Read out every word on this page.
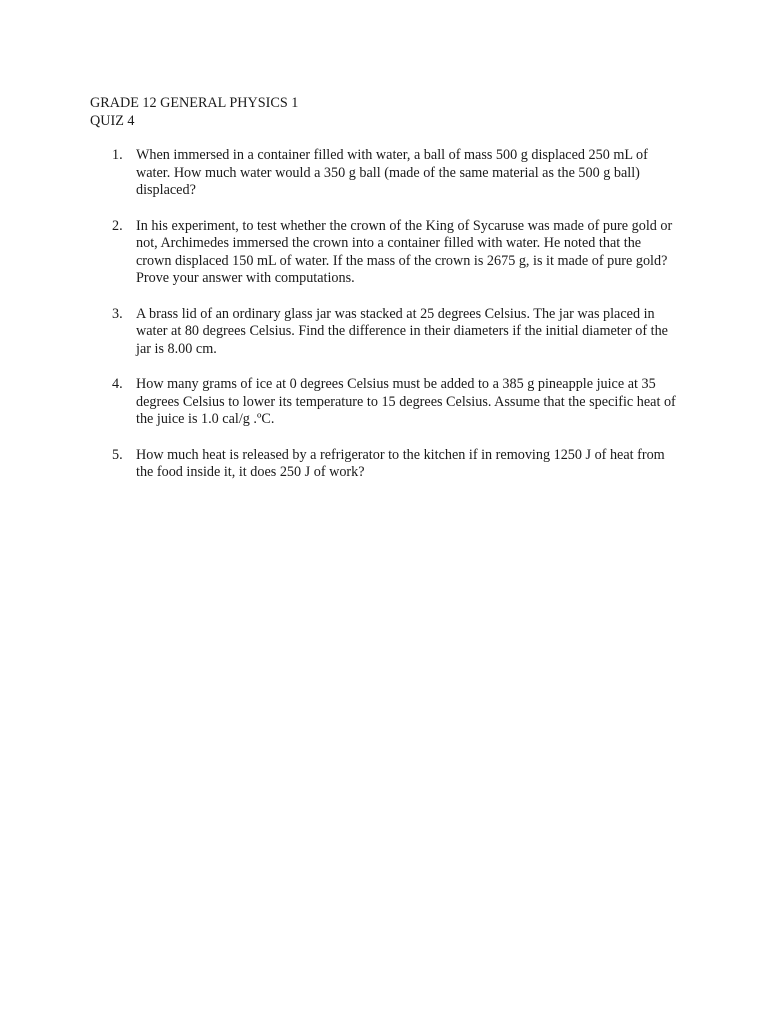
GRADE 12 GENERAL PHYSICS 1
QUIZ 4
1. When immersed in a container filled with water, a ball of mass 500 g displaced 250 mL of water. How much water would a 350 g ball (made of the same material as the 500 g ball) displaced?
2. In his experiment, to test whether the crown of the King of Sycaruse was made of pure gold or not, Archimedes immersed the crown into a container filled with water. He noted that the crown displaced 150 mL of water. If the mass of the crown is 2675 g, is it made of pure gold? Prove your answer with computations.
3. A brass lid of an ordinary glass jar was stacked at 25 degrees Celsius. The jar was placed in water at 80 degrees Celsius. Find the difference in their diameters if the initial diameter of the jar is 8.00 cm.
4. How many grams of ice at 0 degrees Celsius must be added to a 385 g pineapple juice at 35 degrees Celsius to lower its temperature to 15 degrees Celsius. Assume that the specific heat of the juice is 1.0 cal/g .ºC.
5. How much heat is released by a refrigerator to the kitchen if in removing 1250 J of heat from the food inside it, it does 250 J of work?
